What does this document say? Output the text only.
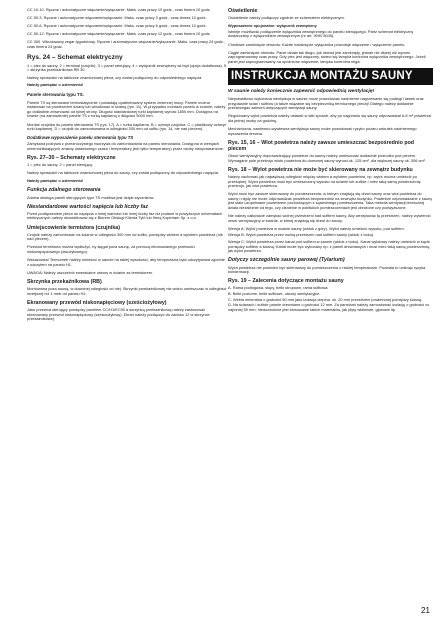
CC 10-10. Ręczne i automatyczne włączanie/wyłączanie. Maks. czas pracy 10 godz., czas timera 10 godz.

CC 50-3. Ręczne i automatyczne włączanie/wyłączanie. Maks. czas pracy 3 godz., czas timera 10 godz.

CC 50-6. Ręczne i automatyczne włączanie/wyłączanie. Maks. czas pracy 6 godz., czas timera 10 godz.

CC 50-12. Ręczne i automatyczne włączanie/wyłączanie. Maks. czas pracy 12 godz., czas timera 10 godz.

CC 300. Wbudowany zegar tygodniowy. Ręczne i automatyczne włączanie/wyłączanie. Maks. czas pracy 24 godz., czas timera 24 godz.

Rys. 24 – Schemat elektryczny

1 = piec do sauny, 2 = terminal (czujnik), 3 = panel sterujący, 4 = wyłącznik zewnętrzny wł./wył (opcja dodatkowa). 5 = skrzynka przekaźnikowa RB 30.

Należy sprawdzić na tabliczce znamionowej pieca, czy został podłączony do odpowiedniego napięcia.

Należy pamiętać o uziemieniu!

Panele sterowania typu TS.

Panele TS są sterowane termostatycznie i posiadają opatentowany system zmiennej mocy. Panele można instalować na powierzchni ściany lub wbudować w ścianę (rys. 11). W przypadku montażu panelu w ścianie, należy go dokładnie zrównować od tylnej strony. Długość standardowej rurki kapilarnej wynosi 1850 mm. Dostępna na równie (na zamówienie) panele TS z rurką kapilarną o długości 5000 mm.

Montaż czujnika do panelu sterowania TS (rys. 17). A = rurka kapilarna. B = uchwyt czujnika. C = plastikowy uchwyt rurki kapilarnej. D = czujnik do zamontowania w odległości 300 mm od sufitu (rys. 14, nie nad piecem).

Dodatkowe wyposażenie panelu sterowania typu TS

Zamykana pokrywa z przezroczystego tworzywa do zamontowania na panelu sterowania. Dostępna w wersjach uniemożliwiających zmiany ustawionego czasu i temperatury (tub tylko temperatury) przez osoby nieupoważnione.

Rys. 27–30 – Schematy elektryczne

1 = piec do sauny, 2 = panel sterujący.

Należy sprawdzić na tabliczce znamionowej pieca do sauny, czy został podłączony do odpowiedniego napięcia.

Należy pamiętać o uziemieniu!

Funkcja zdalnego sterowania

Zdalna obsługa paneli sterujących typu TS możliwa jest dzięki styczników.

Niestandardowe wartości napięcia lub liczby faz

Przed podłączeniem pieca do napięcia o innej wartości lub innej liczby faz niż podane w powyższych schematach elektrycznych należy skontaktować się z Biurem Obsługi Klienta Tylö lub firmą Kopertam Sp. z o.o.

Umiejscowienie termistora (czujnika)

Czujnik należy zamontować na ścianie w odległości 300 mm od sufitu, pomiędzy wlotem a wylotem powietrza (nie nad piecem).

Przewód termistora można wydłużyć, by sięgał poza saunę, za pomocą ekranowanego przewodu niskonapięciowego (dwużyłowego).

Wskazówka! Termometr należy umieścić w saunie na takiej wysokości, aby temperatura była odczytywana zgodnie z odczytem na panelu H1.

UWAGA! Należy uszczelnić ewentualne otwory w ścianie za termistorem.

Skrzynka przekaźnikowa (RB)

Montowana poza sauną, w dowolnej odległości od niej. Skrzynki przekaźnikowej nie wolno umieszczać w odległości mniejszej niż 1 metr od panelu H1.

Ekranowany przewód niskonapięciowy (sześciożyłowy)

Jako przewód sterujący pomiędzy panelem CC/H1/EC50 a skrzynką przekaźnikową należy zastosować ekranowany przewód niskonapięciowy (sześciożyłowy). Ekran należy podłączyć do zacisku 12 w skrzynce przekaźnikowej.

Oświetlenie

Oświetlenie należy podłączyć zgodnie ze schematem elektrycznym.

Wyposażenie opcjonalne: wyłącznik zewnętrzny

Istnieje możliwość podłączenie wyłącznika zewnętrznego do panelu sterującego. Patrz schemat elektryczny dostarczany z wyłącznikiem zewnętrznym (nr art. 9090 8045).

Chwilowe zamknięcie obwodu: Każde naciśnięcie wyłącznika powoduje włączenie / wyłączenie panelu.

Ciągłe zamknięcie obwodu: Panel działa tak długo, jak obwód jest zamknięty, jednak nie dłużej niż wynosi zaprogramowany czas pracy. Gdy piec jest włączony, świeci się lampka kontrolna wyłącznika zewnętrznego. Jeżeli panel jest zaprogramowany na opóźnione włączenie, lampka kontrolna miga.

INSTRUKCJA MONTAŻU SAUNY
W saunie należy koniecznie zapewnić odpowiednią wentylację!

Nieprawidłowo wykonana wentylacja w saunie może powodować nadmierne nagrzewanie się podłogi i ławek oraz przypalanie ścian i sufitów (a także wiązanie się bezpieczniką termicznego pieca)! Dlatego należy dokładnie przestrzegać zaleceń dotyczących wentylacji sauny.

Regulowany wylot powietrza należy ustawić w taki sposób, aby po nagrzaniu się sauny odprowadzał 6-8 m³ powietrza dla jednej osoby na godzinę.

Mechaniczna, nawiewno-wywiewna wentylacja sauny może powodować ryzyko pożaru wskutek nadmiernego wysuszenia drewna.

Rys. 15, 16 – Wlot powietrza należy zawsze umieszczać bezpośrednio pod piecem

Otwór wentylacyjny doprowadzający powietrze do sauny należy umieszczać dokładnie pośrodku pod piecem. Wymagane pole przekroju wlotu powietrza do domowej sauny wynosi ok. 125 cm², dla większej sauny ok. 306 cm².

Rys. 18 – Wylot powietrza nie może być skierowany na zewnątrz budynku

Należy zachować jak największą odległość między wlotem a wylotem powietrza, np. wylot można umieścić po przekątnej. Wylot powietrza musi być umieszczony wysoko na ścianie lub suficie i mieć taką samą powierzchnię przekroju, jak wlot powietrza.

Wylot musi być zawsze skierowany do pomieszczenia, w którym znajdują się drzwi sauny oraz wlot powietrza do sauny i nigdy nie może odprowadzać powietrza bezpośrednio na zewnątrz budynku. Powietrze odprowadzane z sauny jest stale uzupełniane powietrzem pochodzącym z sąsiedniego pomieszczenia. Taka metoda wentylacji termicznej działa niezależnie od tego, czy ciśnienie w pobliskich pomieszczeniach jest obniżone czy podwyższone.

Nie należy całkowicie zamykać wolnej przestrzeni nad sufitem sauny. Aby wentylować tę przestrzeń, należy wywiercić otwór wentylacyjny w ścianie, w której znajdują się drzwi do sauny.

Wersja A: Wylot powietrza w ścianie sauny (widok z góry). Wylot należy umieścić wysoko, pod sufitem.

Wersja B: Wylot powietrza przez wolną przestrzeń nad sufitem sauny (widok z boku).

Wersja C: Wylot powietrza przez kanał pod sufitem w saunie (widok z boku). Kanał wylotowy należy umieścić w kącie pomiędzy sufitem a ścianą. Kanał może być wykonany np. z paneli drewnianych i musi mieć taką samą powierzchnię, jak wylot powietrza.

Dotyczy szczególnie sauny parowej (Tylarium)

Wylot powietrza nie powinien być skierowany do pomieszczenia o niskiej temperaturze. Pozwala to uniknąć ryzyka kondensacji.

Rys. 19 – Zalecenia dotyczące montażu sauny
A. Rama podłogowa, słupy, belki stropowe, rama sufitowa.
B. Belki poziome, belki sufitowe, otwory wentylacyjne.
C. Wełna mineralna o grubości 50 mm jako izolacja cieplna. ok. 20 mm przestrzeni powietrznej pomiędzy ścianą.
D. Na ścianach i suficie panele drewniane o grubości 12 mm. Za panelami należy zamontować izolację o grubości co najmniej 50 mm, niedozwolone jest stosowanie takich materiałów, jak płyty włókniste, gipsowe itp.
21
